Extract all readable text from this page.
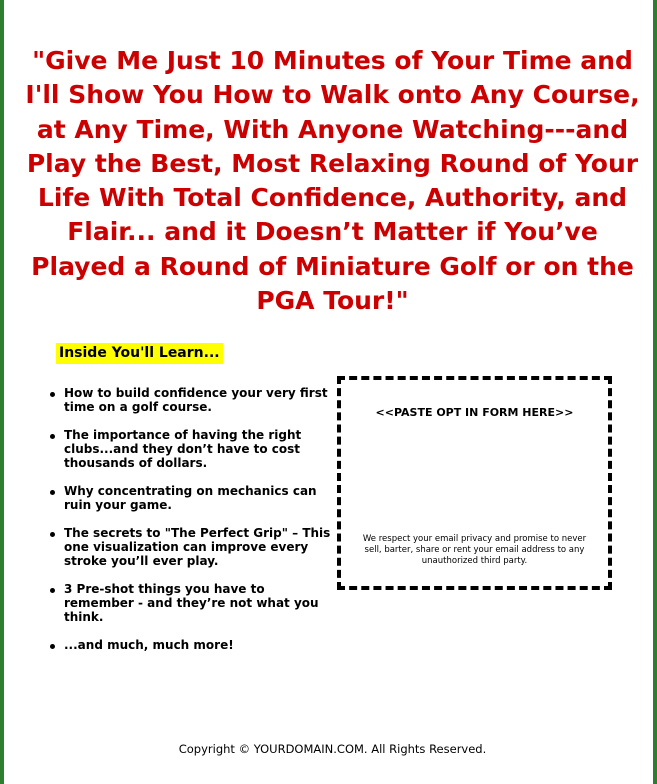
"Give Me Just 10 Minutes of Your Time and I'll Show You How to Walk onto Any Course, at Any Time, With Anyone Watching---and Play the Best, Most Relaxing Round of Your Life With Total Confidence, Authority, and Flair... and it Doesn’t Matter if You’ve Played a Round of Miniature Golf or on the PGA Tour!"
Inside You'll Learn...
How to build confidence your very first time on a golf course.
The importance of having the right clubs...and they don’t have to cost thousands of dollars.
Why concentrating on mechanics can ruin your game.
The secrets to "The Perfect Grip" – This one visualization can improve every stroke you’ll ever play.
3 Pre-shot things you have to remember - and they’re not what you think.
...and much, much more!
<<PASTE OPT IN FORM HERE>>
We respect your email privacy and promise to never sell, barter, share or rent your email address to any unauthorized third party.
Copyright © YOURDOMAIN.COM. All Rights Reserved.
